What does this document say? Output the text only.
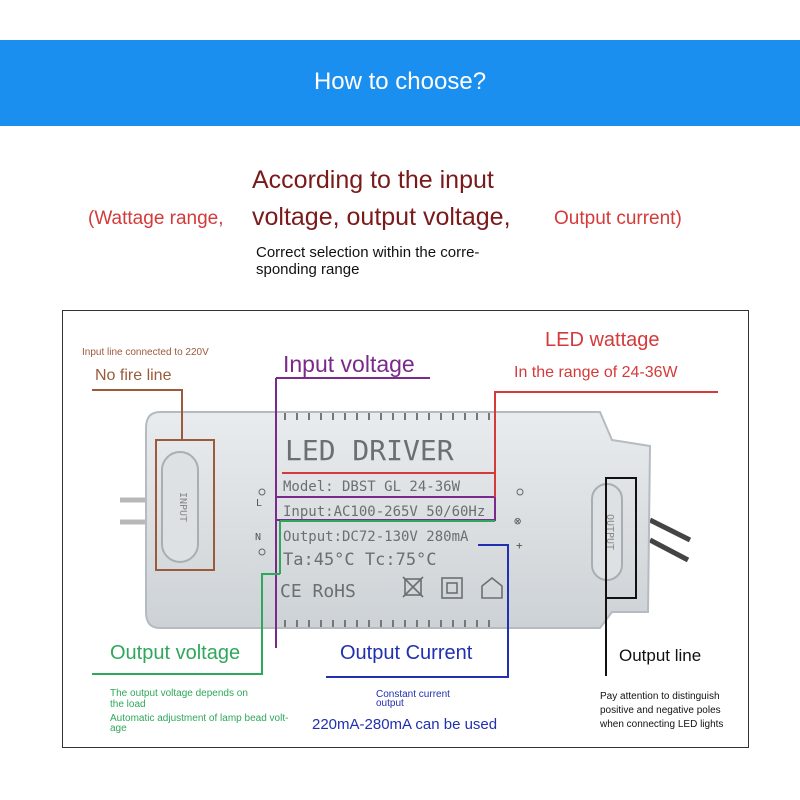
How to choose?
According to the input
voltage, output voltage,
(Wattage range,	Output current)
Correct selection within the corre-
sponding range
INPUT
OUTPUT
L
N
⊗
+
LED DRIVER
Model: DBST GL 24-36W
Input:AC100-265V 50/60Hz
Output:DC72-130V 280mA
Ta:45°C Tc:75°C
CE RoHS
Input line connected to 220V
No fire line	Input voltage
LED wattage
In the range of 24-36W
Output voltage
The output voltage depends on
the load
Automatic adjustment of lamp bead volt-
age
Output Current
Constant current
output
220mA-280mA can be used
Output line
Pay attention to distinguish
positive and negative poles
when connecting LED lights
